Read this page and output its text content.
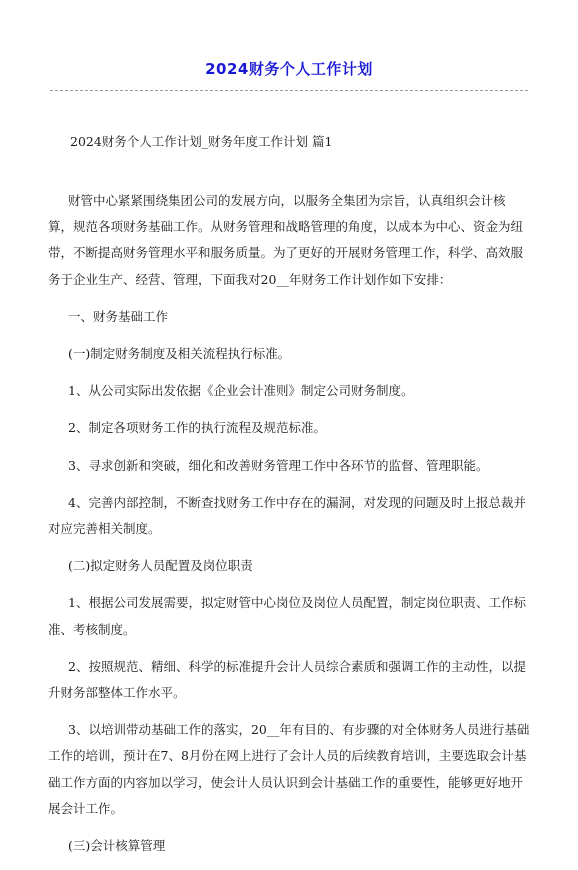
2024财务个人工作计划

2024财务个人工作计划_财务年度工作计划 篇1

财管中心紧紧围绕集团公司的发展方向，以服务全集团为宗旨，认真组织会计核算，规范各项财务基础工作。从财务管理和战略管理的角度，以成本为中心、资金为纽带，不断提高财务管理水平和服务质量。为了更好的开展财务管理工作，科学、高效服务于企业生产、经营、管理，下面我对20__年财务工作计划作如下安排：

一、财务基础工作

(一)制定财务制度及相关流程执行标准。

1、从公司实际出发依据《企业会计准则》制定公司财务制度。

2、制定各项财务工作的执行流程及规范标准。

3、寻求创新和突破，细化和改善财务管理工作中各环节的监督、管理职能。

4、完善内部控制，不断查找财务工作中存在的漏洞，对发现的问题及时上报总裁并对应完善相关制度。

(二)拟定财务人员配置及岗位职责

1、根据公司发展需要，拟定财管中心岗位及岗位人员配置，制定岗位职责、工作标准、考核制度。

2、按照规范、精细、科学的标准提升会计人员综合素质和强调工作的主动性，以提升财务部整体工作水平。

3、以培训带动基础工作的落实，20__年有目的、有步骤的对全体财务人员进行基础工作的培训，预计在7、8月份在网上进行了会计人员的后续教育培训，主要选取会计基础工作方面的内容加以学习，使会计人员认识到会计基础工作的重要性，能够更好地开展会计工作。

(三)会计核算管理
